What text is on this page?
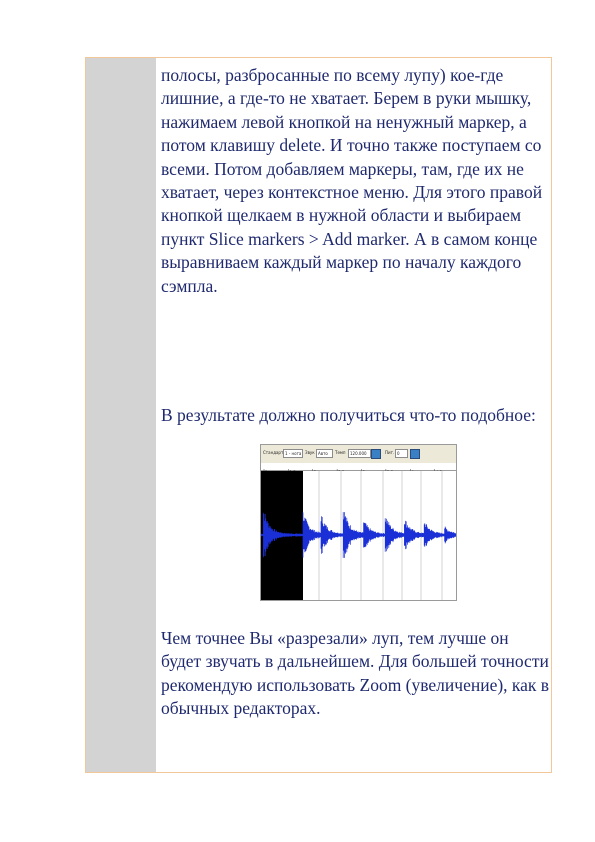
полосы, разбросанные по всему лупу) кое-где лишние, а где-то не хватает. Берем в руки мышку, нажимаем левой кнопкой на ненужный маркер, а потом клавишу delete. И точно также поступаем со всеми. Потом добавляем маркеры, там, где их не хватает, через контекстное меню. Для этого правой кнопкой щелкаем в нужной области и выбираем пункт Slice markers > Add marker. А в самом конце выравниваем каждый маркер по началу каждого сэмпла.

В результате должно получиться что-то подобное:

Чем точнее Вы «разрезали» луп, тем лучше он будет звучать в дальнейшем. Для большей точности рекомендую использовать Zoom (увеличение), как в обычных редакторах.

Стандарт 1 - нота Звук Авто	Темп	120.000	Пит. 0
